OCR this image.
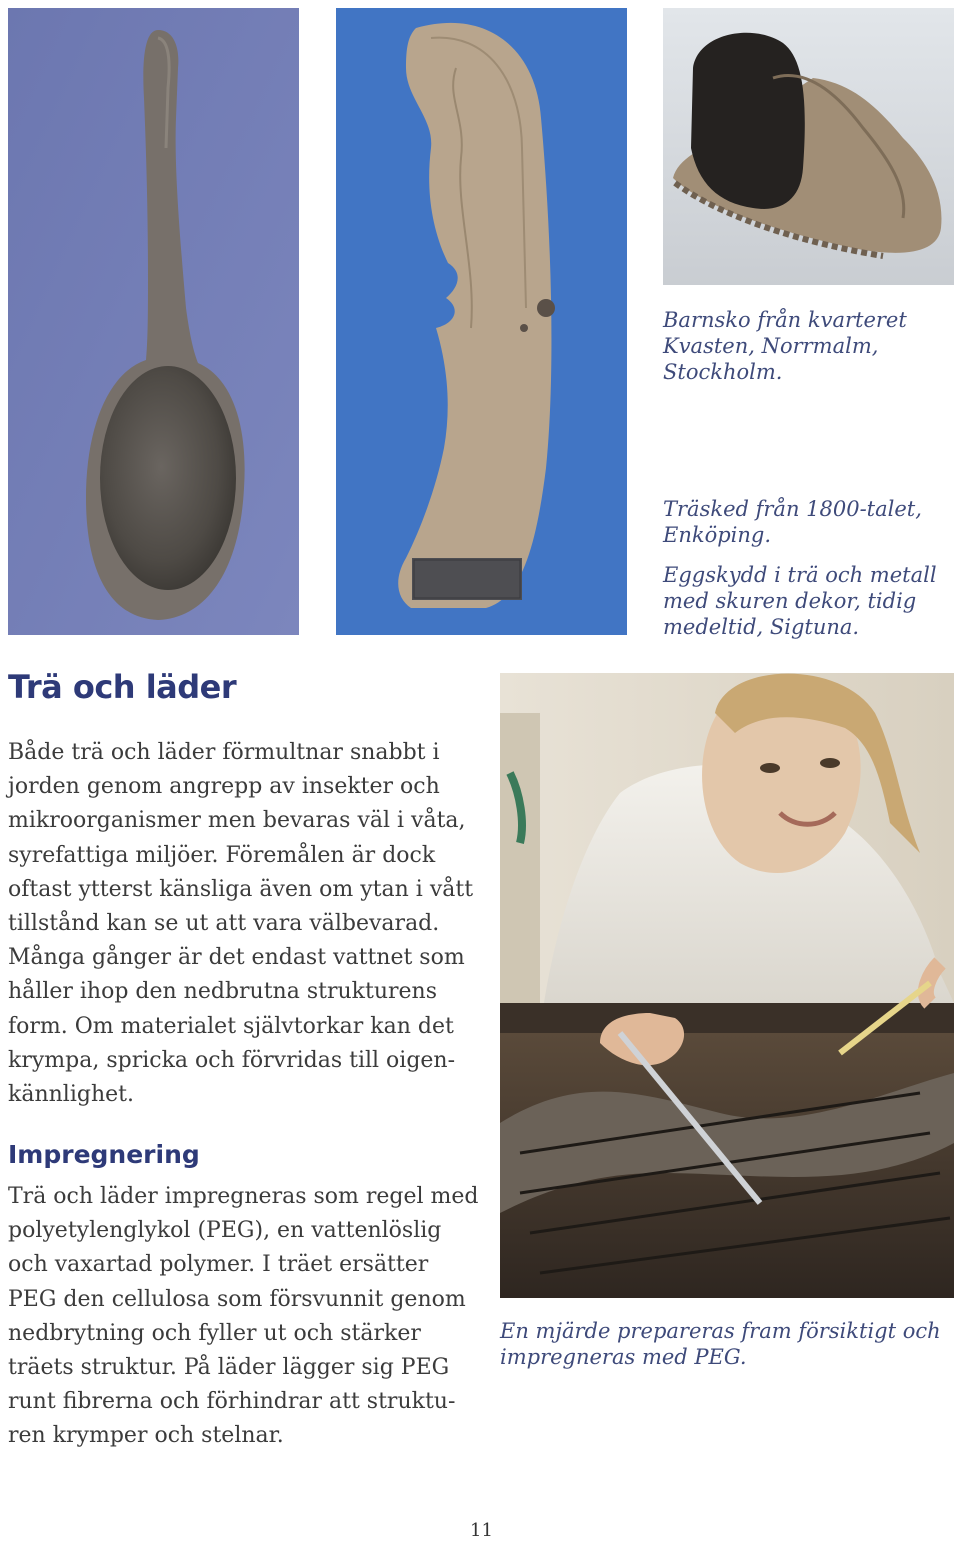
Barnsko från kvarteret
Kvasten, Norrmalm,
Stockholm.

Träsked från 1800-talet,
Enköping.

Eggskydd i trä och metall
med skuren dekor, tidig
medeltid, Sigtuna.

Trä och läder

Både trä och läder förmultnar snabbt i
jorden genom angrepp av insekter och
mikroorganismer men bevaras väl i våta,
syrefattiga miljöer. Föremålen är dock
oftast ytterst känsliga även om ytan i vått
tillstånd kan se ut att vara välbevarad.
Många gånger är det endast vattnet som
håller ihop den nedbrutna strukturens
form. Om materialet självtorkar kan det
krympa, spricka och förvridas till oigen-
kännlighet.

Impregnering

Trä och läder impregneras som regel med
polyetylenglykol (PEG), en vattenlöslig
och vaxartad polymer. I träet ersätter
PEG den cellulosa som försvunnit genom
nedbrytning och fyller ut och stärker
träets struktur. På läder lägger sig PEG
runt fibrerna och förhindrar att struktu-
ren krymper och stelnar.

En mjärde prepareras fram försiktigt och
impregneras med PEG.

11
